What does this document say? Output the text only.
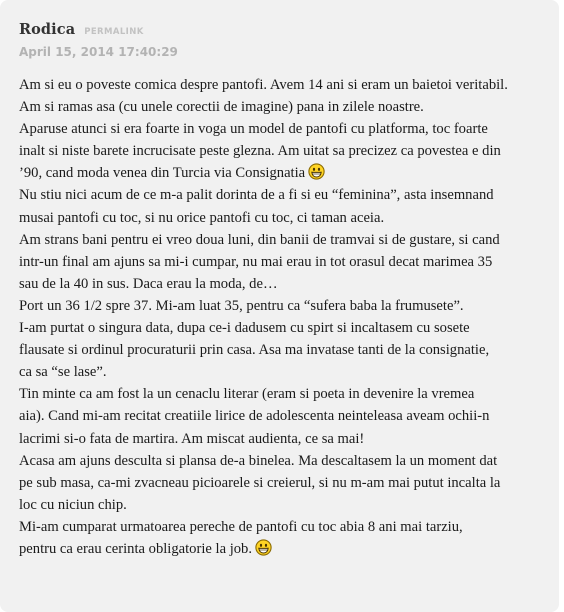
Rodica PERMALINK
April 15, 2014 17:40:29

Am si eu o poveste comica despre pantofi. Avem 14 ani si eram un baietoi veritabil.

Am si ramas asa (cu unele corectii de imagine) pana in zilele noastre.

Aparuse atunci si era foarte in voga un model de pantofi cu platforma, toc foarte

inalt si niste barete incrucisate peste glezna. Am uitat sa precizez ca povestea e din

’90, cand moda venea din Turcia via Consignatia

Nu stiu nici acum de ce m-a palit dorinta de a fi si eu “feminina”, asta insemnand

musai pantofi cu toc, si nu orice pantofi cu toc, ci taman aceia.

Am strans bani pentru ei vreo doua luni, din banii de tramvai si de gustare, si cand

intr-un final am ajuns sa mi-i cumpar, nu mai erau in tot orasul decat marimea 35

sau de la 40 in sus. Daca erau la moda, de…

Port un 36 1/2 spre 37. Mi-am luat 35, pentru ca “sufera baba la frumusete”.

I-am purtat o singura data, dupa ce-i dadusem cu spirt si incaltasem cu sosete

flausate si ordinul procuraturii prin casa. Asa ma invatase tanti de la consignatie,

ca sa “se lase”.

Tin minte ca am fost la un cenaclu literar (eram si poeta in devenire la vremea

aia). Cand mi-am recitat creatiile lirice de adolescenta neinteleasa aveam ochii-n

lacrimi si-o fata de martira. Am miscat audienta, ce sa mai!

Acasa am ajuns desculta si plansa de-a binelea. Ma descaltasem la un moment dat

pe sub masa, ca-mi zvacneau picioarele si creierul, si nu m-am mai putut incalta la

loc cu niciun chip.

Mi-am cumparat urmatoarea pereche de pantofi cu toc abia 8 ani mai tarziu,

pentru ca erau cerinta obligatorie la job.
